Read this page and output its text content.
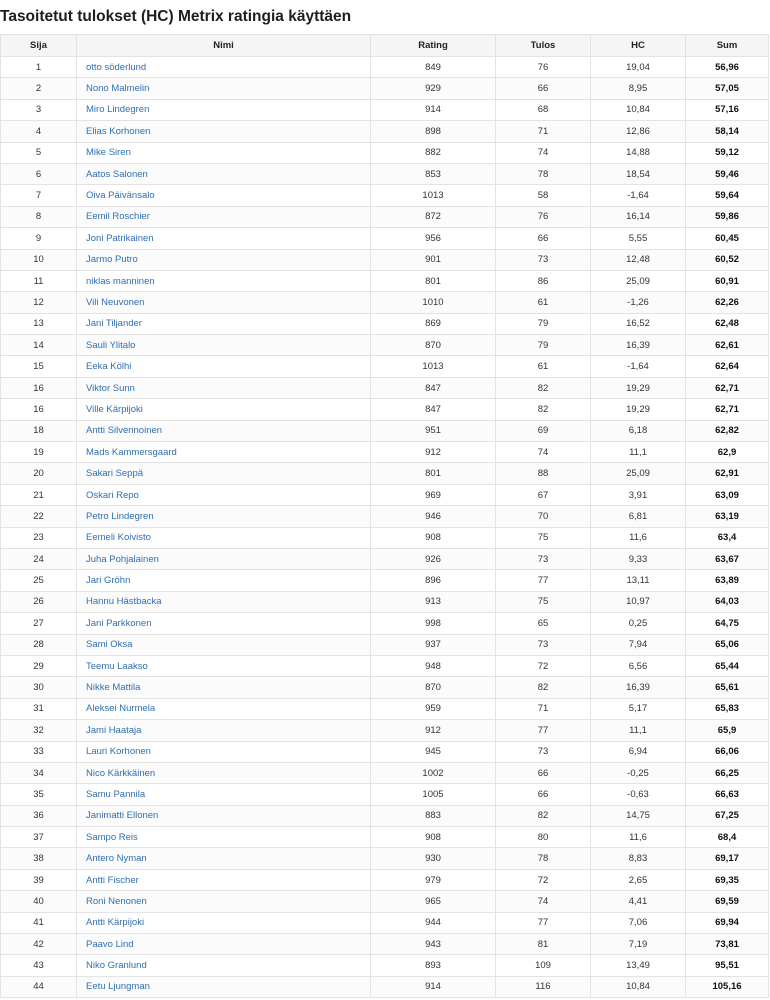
Tasoitetut tulokset (HC) Metrix ratingia käyttäen
Sija	Nimi	Rating	Tulos	HC	Sum
1	otto söderlund	849	76	19,04	56,96
2	Nono Malmelin	929	66	8,95	57,05
3	Miro Lindegren	914	68	10,84	57,16
4	Elias Korhonen	898	71	12,86	58,14
5	Mike Siren	882	74	14,88	59,12
6	Aatos Salonen	853	78	18,54	59,46
7	Oiva Päivänsalo	1013	58	-1,64	59,64
8	Eemil Roschier	872	76	16,14	59,86
9	Joni Patrikainen	956	66	5,55	60,45
10	Jarmo Putro	901	73	12,48	60,52
11	niklas manninen	801	86	25,09	60,91
12	Vili Neuvonen	1010	61	-1,26	62,26
13	Jani Tiljander	869	79	16,52	62,48
14	Sauli Ylitalo	870	79	16,39	62,61
15	Eeka Kölhi	1013	61	-1,64	62,64
16	Viktor Sunn	847	82	19,29	62,71
16	Ville Kärpijoki	847	82	19,29	62,71
18	Antti Silvennoinen	951	69	6,18	62,82
19	Mads Kammersgaard	912	74	11,1	62,9
20	Sakari Seppä	801	88	25,09	62,91
21	Oskari Repo	969	67	3,91	63,09
22	Petro Lindegren	946	70	6,81	63,19
23	Eemeli Koivisto	908	75	11,6	63,4
24	Juha Pohjalainen	926	73	9,33	63,67
25	Jari Gröhn	896	77	13,11	63,89
26	Hannu Hästbacka	913	75	10,97	64,03
27	Jani Parkkonen	998	65	0,25	64,75
28	Sami Oksa	937	73	7,94	65,06
29	Teemu Laakso	948	72	6,56	65,44
30	Nikke Mattila	870	82	16,39	65,61
31	Aleksei Nurmela	959	71	5,17	65,83
32	Jami Haataja	912	77	11,1	65,9
33	Lauri Korhonen	945	73	6,94	66,06
34	Nico Kärkkäinen	1002	66	-0,25	66,25
35	Samu Pannila	1005	66	-0,63	66,63
36	Janimatti Ellonen	883	82	14,75	67,25
37	Sampo Reis	908	80	11,6	68,4
38	Antero Nyman	930	78	8,83	69,17
39	Antti Fischer	979	72	2,65	69,35
40	Roni Nenonen	965	74	4,41	69,59
41	Antti Kärpijoki	944	77	7,06	69,94
42	Paavo Lind	943	81	7,19	73,81
43	Niko Granlund	893	109	13,49	95,51
44	Eetu Ljungman	914	116	10,84	105,16
